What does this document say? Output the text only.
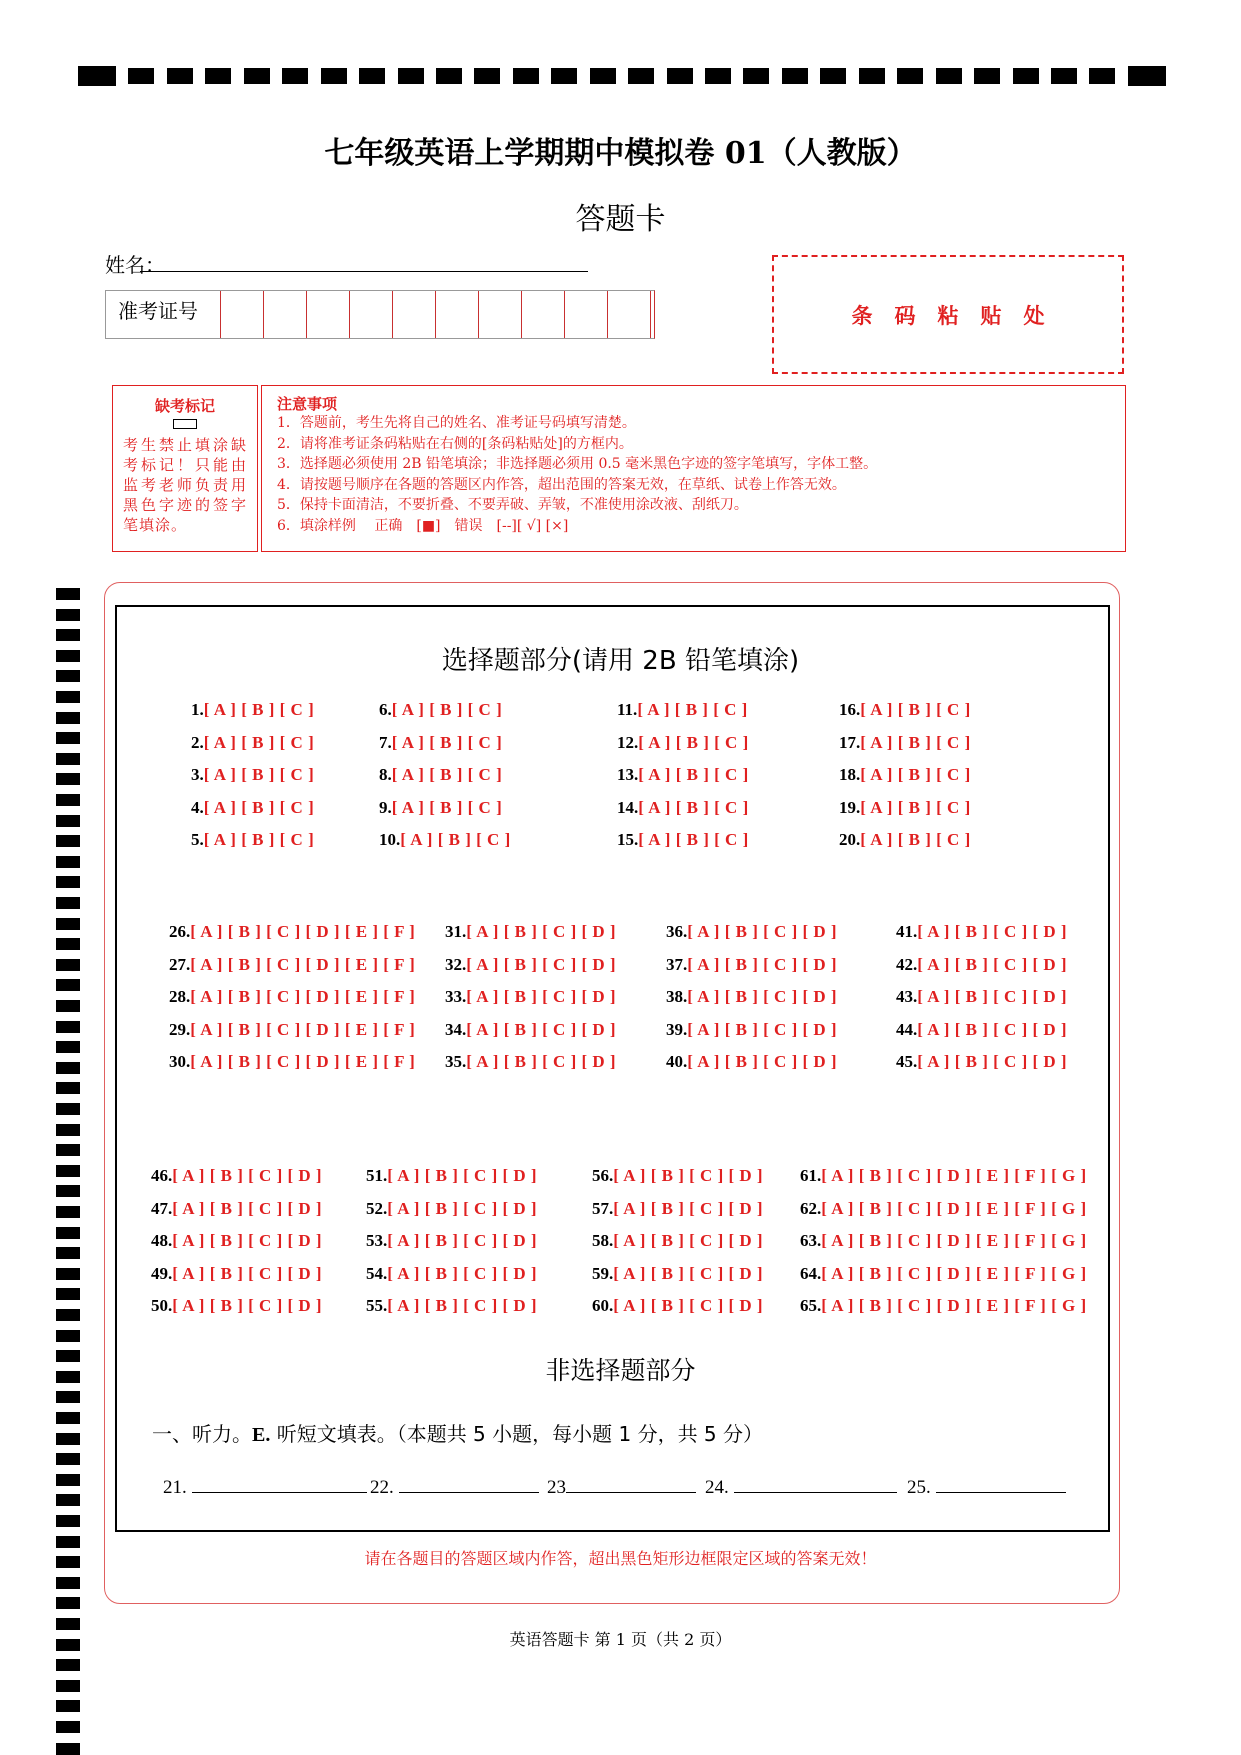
七年级英语上学期期中模拟卷 01（人教版）
答题卡
姓名：
准考证号	条码粘贴处
缺考标记
考生禁止填涂缺考标记！只能由监考老师负责用黑色字迹的签字笔填涂。
注意事项
1．答题前，考生先将自己的姓名、准考证号码填写清楚。
2．请将准考证条码粘贴在右侧的[条码粘贴处]的方框内。
3．选择题必须使用 2B 铅笔填涂；非选择题必须用 0.5 毫米黑色字迹的签字笔填写，字体工整。
4．请按题号顺序在各题的答题区内作答，超出范围的答案无效，在草纸、试卷上作答无效。
5．保持卡面清洁，不要折叠、不要弄破、弄皱，不准使用涂改液、刮纸刀。
6．填涂样例　 正确　[■]　错误　[--][ √] [×]
选择题部分(请用 2B 铅笔填涂)
1.[ A ] [ B ] [ C ]
2.[ A ] [ B ] [ C ]
3.[ A ] [ B ] [ C ]
4.[ A ] [ B ] [ C ]
5.[ A ] [ B ] [ C ]
6.[ A ] [ B ] [ C ]
7.[ A ] [ B ] [ C ]
8.[ A ] [ B ] [ C ]
9.[ A ] [ B ] [ C ]
10.[ A ] [ B ] [ C ]
11.[ A ] [ B ] [ C ]
12.[ A ] [ B ] [ C ]
13.[ A ] [ B ] [ C ]
14.[ A ] [ B ] [ C ]
15.[ A ] [ B ] [ C ]
16.[ A ] [ B ] [ C ]
17.[ A ] [ B ] [ C ]
18.[ A ] [ B ] [ C ]
19.[ A ] [ B ] [ C ]
20.[ A ] [ B ] [ C ]
26.[ A ] [ B ] [ C ] [ D ] [ E ] [ F ]
27.[ A ] [ B ] [ C ] [ D ] [ E ] [ F ]
28.[ A ] [ B ] [ C ] [ D ] [ E ] [ F ]
29.[ A ] [ B ] [ C ] [ D ] [ E ] [ F ]
30.[ A ] [ B ] [ C ] [ D ] [ E ] [ F ]
31.[ A ] [ B ] [ C ] [ D ]
32.[ A ] [ B ] [ C ] [ D ]
33.[ A ] [ B ] [ C ] [ D ]
34.[ A ] [ B ] [ C ] [ D ]
35.[ A ] [ B ] [ C ] [ D ]
36.[ A ] [ B ] [ C ] [ D ]
37.[ A ] [ B ] [ C ] [ D ]
38.[ A ] [ B ] [ C ] [ D ]
39.[ A ] [ B ] [ C ] [ D ]
40.[ A ] [ B ] [ C ] [ D ]
41.[ A ] [ B ] [ C ] [ D ]
42.[ A ] [ B ] [ C ] [ D ]
43.[ A ] [ B ] [ C ] [ D ]
44.[ A ] [ B ] [ C ] [ D ]
45.[ A ] [ B ] [ C ] [ D ]
46.[ A ] [ B ] [ C ] [ D ]
47.[ A ] [ B ] [ C ] [ D ]
48.[ A ] [ B ] [ C ] [ D ]
49.[ A ] [ B ] [ C ] [ D ]
50.[ A ] [ B ] [ C ] [ D ]
51.[ A ] [ B ] [ C ] [ D ]
52.[ A ] [ B ] [ C ] [ D ]
53.[ A ] [ B ] [ C ] [ D ]
54.[ A ] [ B ] [ C ] [ D ]
55.[ A ] [ B ] [ C ] [ D ]
56.[ A ] [ B ] [ C ] [ D ]
57.[ A ] [ B ] [ C ] [ D ]
58.[ A ] [ B ] [ C ] [ D ]
59.[ A ] [ B ] [ C ] [ D ]
60.[ A ] [ B ] [ C ] [ D ]
61.[ A ] [ B ] [ C ] [ D ] [ E ] [ F ] [ G ]
62.[ A ] [ B ] [ C ] [ D ] [ E ] [ F ] [ G ]
63.[ A ] [ B ] [ C ] [ D ] [ E ] [ F ] [ G ]
64.[ A ] [ B ] [ C ] [ D ] [ E ] [ F ] [ G ]
65.[ A ] [ B ] [ C ] [ D ] [ E ] [ F ] [ G ]
非选择题部分
一、听力。E. 听短文填表。（本题共 5 小题，每小题 1 分，共 5 分）
21.	22.	23	24.	25.
请在各题目的答题区域内作答，超出黑色矩形边框限定区域的答案无效！
英语答题卡 第 1 页（共 2 页）
